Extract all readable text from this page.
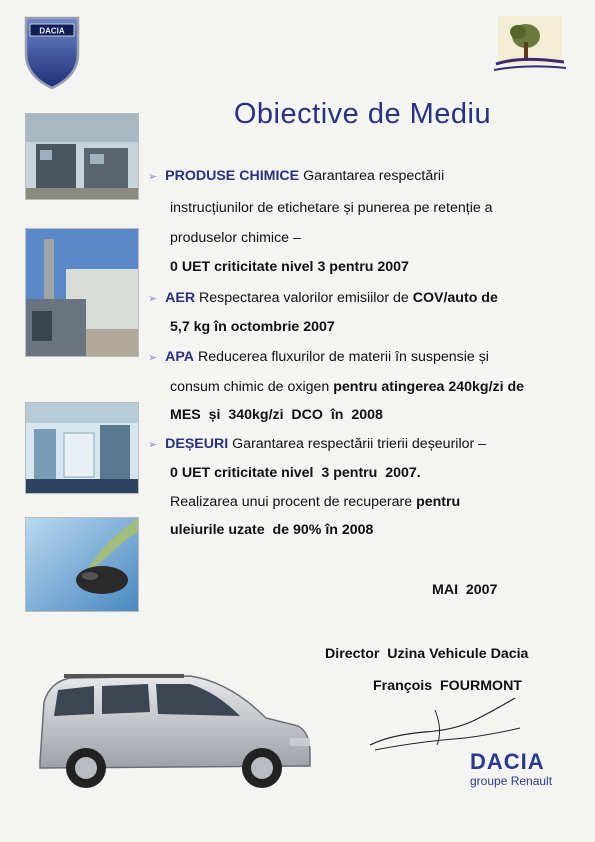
DACIA
Obiective de Mediu
➢ PRODUSE CHIMICE Garantarea respectării
instrucțiunilor de etichetare și punerea pe retenție a
produselor chimice –
0 UET criticitate nivel 3 pentru 2007
➢ AER Respectarea valorilor emisiilor de COV/auto de
5,7 kg în octombrie 2007
➢ APA Reducerea fluxurilor de materii în suspensie și
consum chimic de oxigen pentru atingerea 240kg/zi de
MES  și  340kg/zi  DCO  în  2008
➢ DEȘEURI Garantarea respectării trierii deșeurilor –
0 UET criticitate nivel  3 pentru  2007.
Realizarea unui procent de recuperare pentru
uleiurile uzate  de 90% în 2008
MAI  2007
Director  Uzina Vehicule Dacia
François  FOURMONT
DACIA
groupe Renault
